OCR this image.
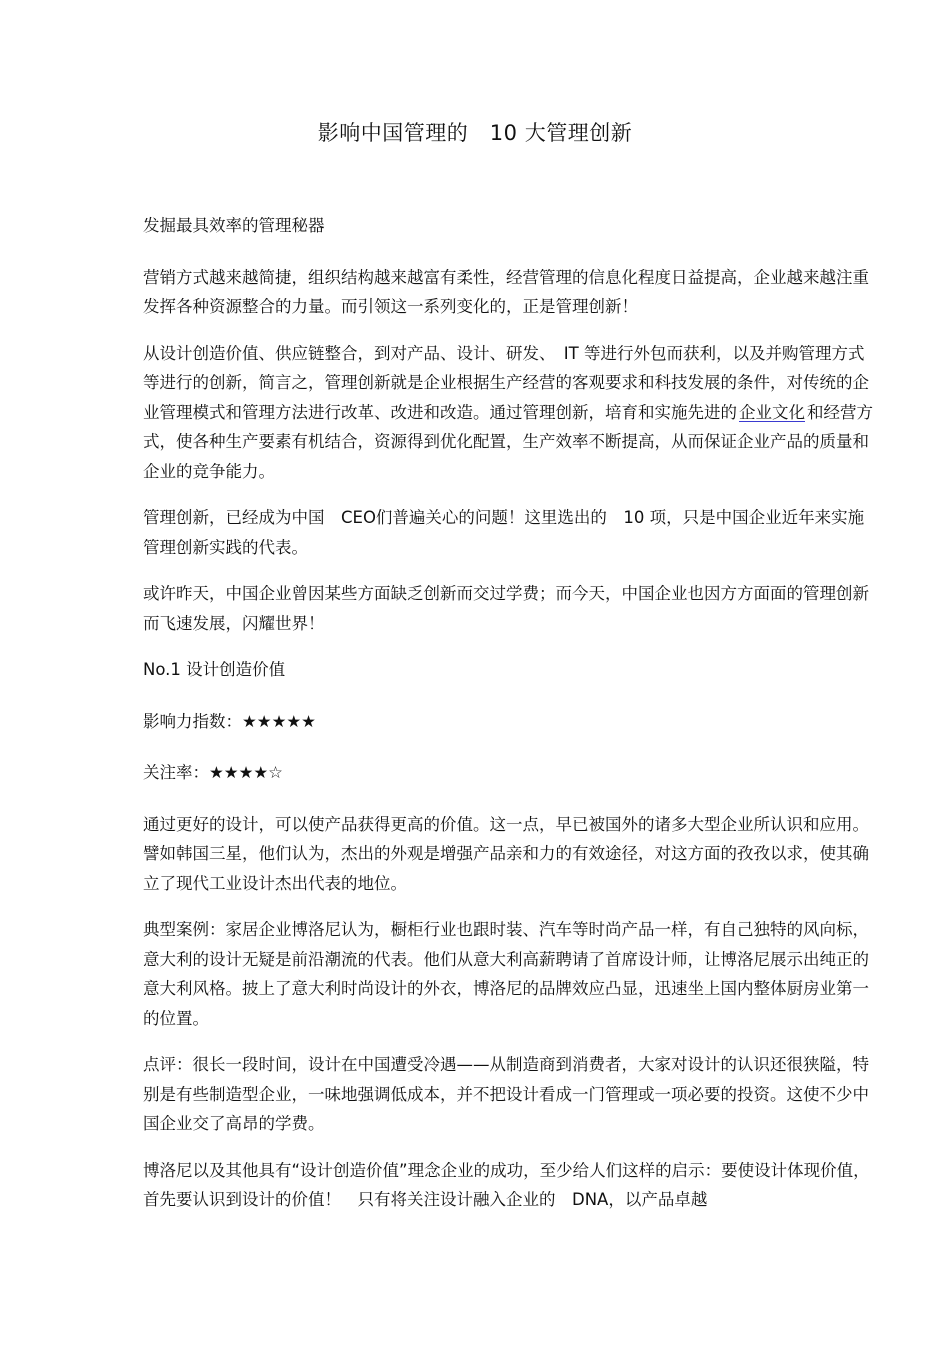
影响中国管理的　10 大管理创新

发掘最具效率的管理秘器

营销方式越来越简捷，组织结构越来越富有柔性，经营管理的信息化程度日益提高，企业越来越注重发挥各种资源整合的力量。而引领这一系列变化的，正是管理创新！

从设计创造价值、供应链整合，到对产品、设计、研发、　IT 等进行外包而获利，以及并购管理方式等进行的创新，简言之，管理创新就是企业根据生产经营的客观要求和科技发展的条件，对传统的企业管理模式和管理方法进行改革、改进和改造。通过管理创新，培育和实施先进的 企业文化 和经营方式，使各种生产要素有机结合，资源得到优化配置，生产效率不断提高，从而保证企业产品的质量和企业的竞争能力。

管理创新，已经成为中国　CEO们普遍关心的问题！这里选出的　10 项，只是中国企业近年来实施管理创新实践的代表。

或许昨天，中国企业曾因某些方面缺乏创新而交过学费；而今天，中国企业也因方方面面的管理创新而飞速发展，闪耀世界！

No.1 设计创造价值

影响力指数：★★★★★

关注率：★★★★☆

通过更好的设计，可以使产品获得更高的价值。这一点，早已被国外的诸多大型企业所认识和应用。譬如韩国三星，他们认为，杰出的外观是增强产品亲和力的有效途径，对这方面的孜孜以求，使其确立了现代工业设计杰出代表的地位。

典型案例：家居企业博洛尼认为，橱柜行业也跟时装、汽车等时尚产品一样，有自己独特的风向标，意大利的设计无疑是前沿潮流的代表。他们从意大利高薪聘请了首席设计师，让博洛尼展示出纯正的意大利风格。披上了意大利时尚设计的外衣，博洛尼的品牌效应凸显，迅速坐上国内整体厨房业第一的位置。

点评：很长一段时间，设计在中国遭受冷遇——从制造商到消费者，大家对设计的认识还很狭隘，特别是有些制造型企业，一味地强调低成本，并不把设计看成一门管理或一项必要的投资。这使不少中国企业交了高昂的学费。

博洛尼以及其他具有“设计创造价值”理念企业的成功，至少给人们这样的启示：要使设计体现价值，　首先要认识到设计的价值！　只有将关注设计融入企业的　DNA，以产品卓越
